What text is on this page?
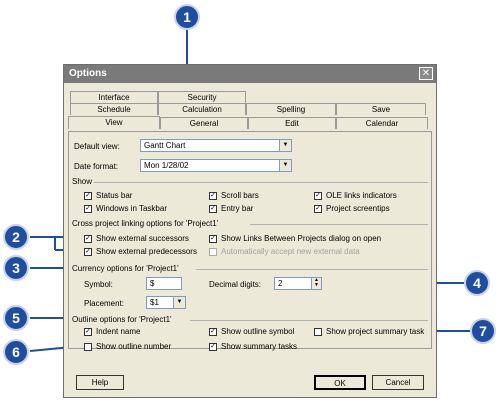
Options	✕
Interface	Security
Schedule	Calculation	Spelling	Save
View	General	Edit	Calendar
Default view:	Gantt Chart	▼
Date format:	Mon 1/28/02	▼
Show
✓ Status bar
✓ Windows in Taskbar
✓ Scroll bars
✓ Entry bar
✓ OLE links indicators
✓ Project screentips
Cross project linking options for 'Project1'
✓ Show external successors
✓ Show external predecessors
✓ Show Links Between Projects dialog on open
Automatically accept new external data
Currency options for 'Project1'
Symbol:	$	Decimal digits:	2	▲
▼
Placement:	$1	▼
Outline options for 'Project1'
✓ Indent name
Show outline number
✓ Show outline symbol
✓ Show summary tasks
Show project summary task
Help	OK	Cancel
1
2
3
4
5
6
7
